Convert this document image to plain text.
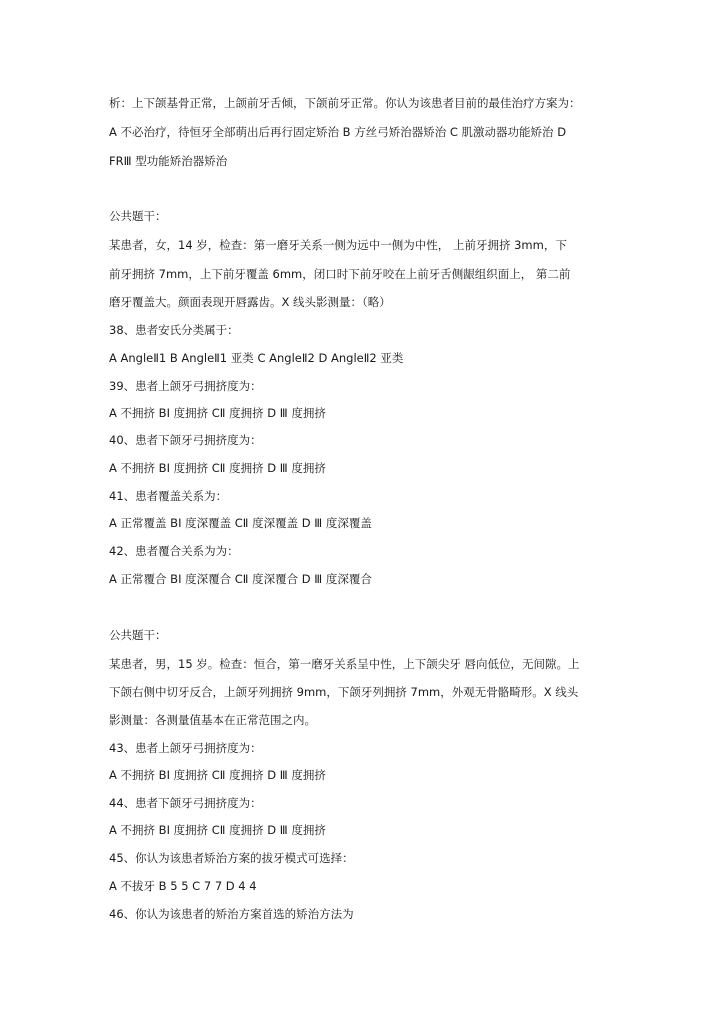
析：上下颌基骨正常，上颌前牙舌倾，下颌前牙正常。你认为该患者目前的最佳治疗方案为：
A 不必治疗，待恒牙全部萌出后再行固定矫治 B 方丝弓矫治器矫治 C 肌激动器功能矫治 D
FRⅢ 型功能矫治器矫治
公共题干：
某患者，女，14 岁，检查：第一磨牙关系一侧为远中一侧为中性， 上前牙拥挤 3mm，下
前牙拥挤 7mm，上下前牙覆盖 6mm，闭口时下前牙咬在上前牙舌侧龈组织面上， 第二前
磨牙覆盖大。颜面表现开唇露齿。X 线头影测量：（略）
38、患者安氏分类属于：
A AngleⅡ1 B AngleⅡ1 亚类 C AngleⅡ2 D AngleⅡ2 亚类
39、患者上颌牙弓拥挤度为：
A 不拥挤 BⅠ 度拥挤 CⅡ 度拥挤 D Ⅲ 度拥挤
40、患者下颌牙弓拥挤度为：
A 不拥挤 BⅠ 度拥挤 CⅡ 度拥挤 D Ⅲ 度拥挤
41、患者覆盖关系为：
A 正常覆盖 BⅠ 度深覆盖 CⅡ 度深覆盖 D Ⅲ 度深覆盖
42、患者覆合关系为为：
A 正常覆合 BⅠ 度深覆合 CⅡ 度深覆合 D Ⅲ 度深覆合
公共题干：
某患者，男，15 岁。检查：恒合，第一磨牙关系呈中性，上下颌尖牙 唇向低位，无间隙。上
下颌右侧中切牙反合，上颌牙列拥挤 9mm，下颌牙列拥挤 7mm，外观无骨骼畸形。X 线头
影测量：各测量值基本在正常范围之内。
43、患者上颌牙弓拥挤度为：
A 不拥挤 BⅠ 度拥挤 CⅡ 度拥挤 D Ⅲ 度拥挤
44、患者下颌牙弓拥挤度为：
A 不拥挤 BⅠ 度拥挤 CⅡ 度拥挤 D Ⅲ 度拥挤
45、你认为该患者矫治方案的拔牙模式可选择：
A 不拔牙 B 5 5 C 7 7 D 4 4
46、你认为该患者的矫治方案首选的矫治方法为
